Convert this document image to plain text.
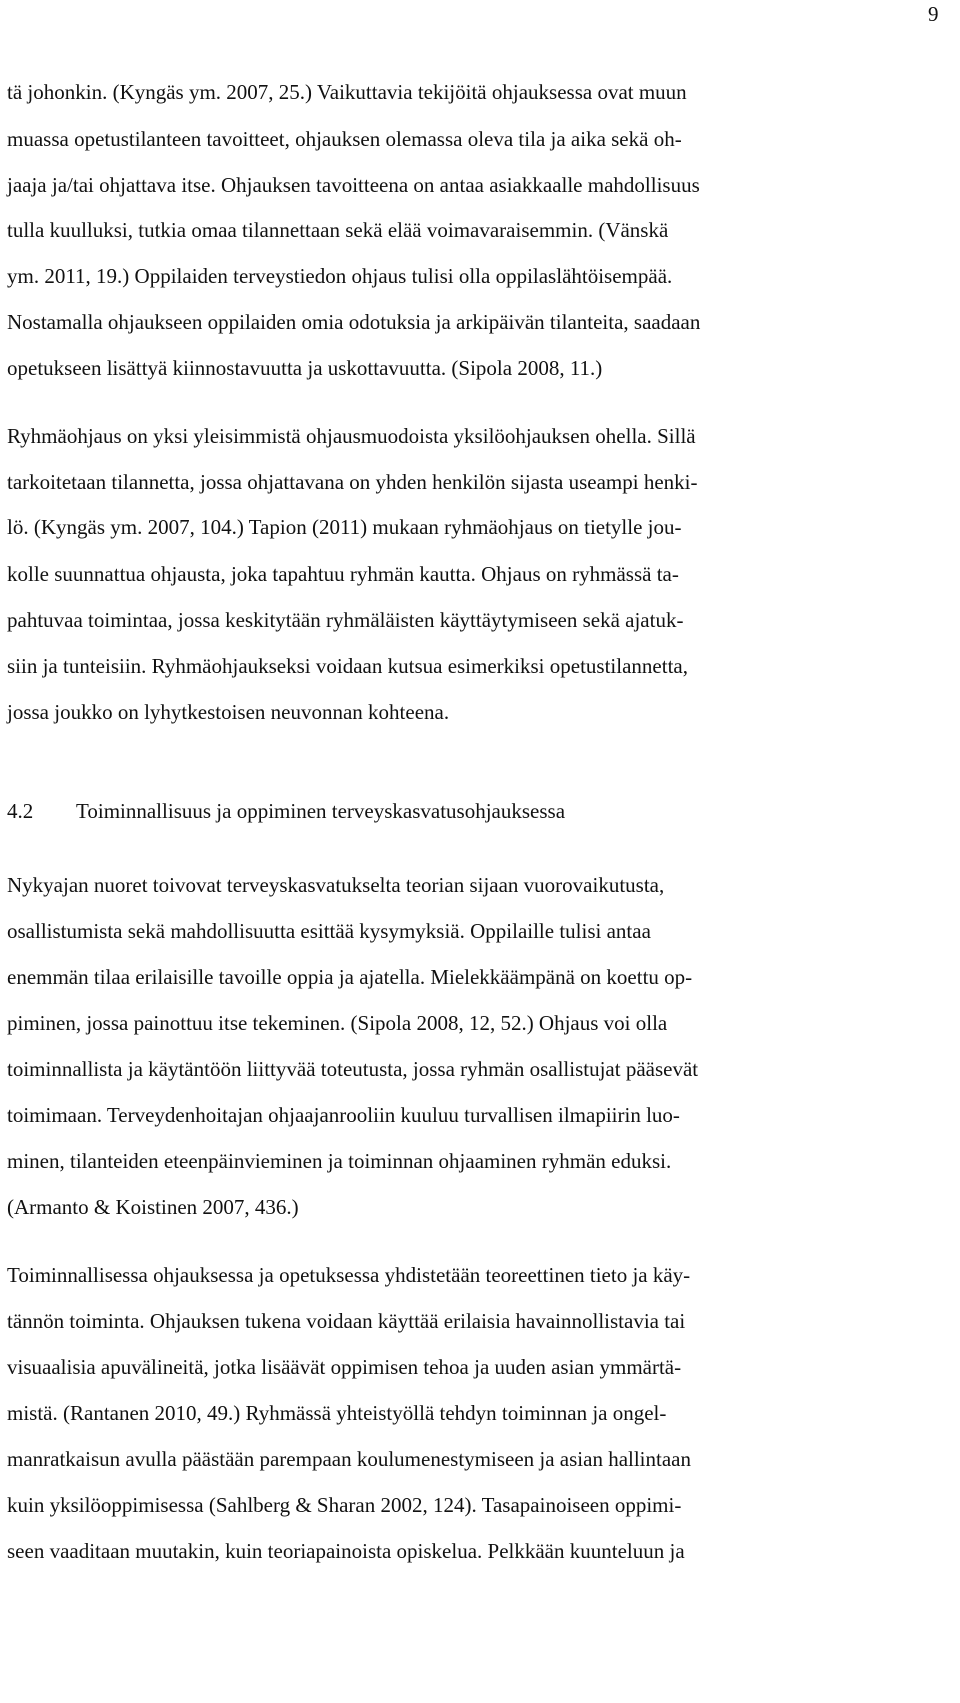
9

tä johonkin. (Kyngäs ym. 2007, 25.) Vaikuttavia tekijöitä ohjauksessa ovat muun

muassa opetustilanteen tavoitteet, ohjauksen olemassa oleva tila ja aika sekä oh-

jaaja ja/tai ohjattava itse. Ohjauksen tavoitteena on antaa asiakkaalle mahdollisuus

tulla kuulluksi, tutkia omaa tilannettaan sekä elää voimavaraisemmin. (Vänskä

ym. 2011, 19.) Oppilaiden terveystiedon ohjaus tulisi olla oppilaslähtöisempää.

Nostamalla ohjaukseen oppilaiden omia odotuksia ja arkipäivän tilanteita, saadaan

opetukseen lisättyä kiinnostavuutta ja uskottavuutta. (Sipola 2008, 11.)

Ryhmäohjaus on yksi yleisimmistä ohjausmuodoista yksilöohjauksen ohella. Sillä

tarkoitetaan tilannetta, jossa ohjattavana on yhden henkilön sijasta useampi henki-

lö. (Kyngäs ym. 2007, 104.) Tapion (2011) mukaan ryhmäohjaus on tietylle jou-

kolle suunnattua ohjausta, joka tapahtuu ryhmän kautta. Ohjaus on ryhmässä ta-

pahtuvaa toimintaa, jossa keskitytään ryhmäläisten käyttäytymiseen sekä ajatuk-

siin ja tunteisiin. Ryhmäohjaukseksi voidaan kutsua esimerkiksi opetustilannetta,

jossa joukko on lyhytkestoisen neuvonnan kohteena.

4.2 Toiminnallisuus ja oppiminen terveyskasvatusohjauksessa

Nykyajan nuoret toivovat terveyskasvatukselta teorian sijaan vuorovaikutusta,

osallistumista sekä mahdollisuutta esittää kysymyksiä. Oppilaille tulisi antaa

enemmän tilaa erilaisille tavoille oppia ja ajatella. Mielekkäämpänä on koettu op-

piminen, jossa painottuu itse tekeminen. (Sipola 2008, 12, 52.) Ohjaus voi olla

toiminnallista ja käytäntöön liittyvää toteutusta, jossa ryhmän osallistujat pääsevät

toimimaan. Terveydenhoitajan ohjaajanrooliin kuuluu turvallisen ilmapiirin luo-

minen, tilanteiden eteenpäinvieminen ja toiminnan ohjaaminen ryhmän eduksi.

(Armanto & Koistinen 2007, 436.)

Toiminnallisessa ohjauksessa ja opetuksessa yhdistetään teoreettinen tieto ja käy-

tännön toiminta. Ohjauksen tukena voidaan käyttää erilaisia havainnollistavia tai

visuaalisia apuvälineitä, jotka lisäävät oppimisen tehoa ja uuden asian ymmärtä-

mistä. (Rantanen 2010, 49.) Ryhmässä yhteistyöllä tehdyn toiminnan ja ongel-

manratkaisun avulla päästään parempaan koulumenestymiseen ja asian hallintaan

kuin yksilöoppimisessa (Sahlberg & Sharan 2002, 124). Tasapainoiseen oppimi-

seen vaaditaan muutakin, kuin teoriapainoista opiskelua. Pelkkään kuunteluun ja
